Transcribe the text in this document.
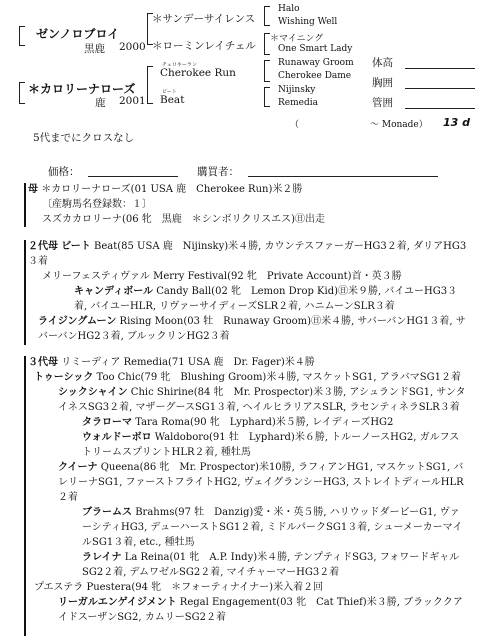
ゼンノロブロイ
黒鹿 2000
＊カロリーナローズ
鹿 2001
＊サンデーサイレンス
＊ローミンレイチェル
チェロキーラン
Cherokee Run
ビート
Beat
Halo
Wishing Well
＊マイニング
One Smart Lady
Runaway Groom
Cherokee Dame
Nijinsky
Remedia
体高
胸囲
管囲
（	～ Monade） 13 d
5代までにクロスなし
価格：	購買者：
母 ＊カロリーナローズ(01 USA 鹿　Cherokee Run)米２勝
〔産駒馬名登録数：１〕
スズカカロリーナ(06 牝　黒鹿　＊シンボリクリスエス)㊐出走
２代母 ビート Beat(85 USA 鹿　Nijinsky)米４勝, カウンテスファーガーHG3２着, ダリアHG3３着
メリーフェスティヴァル Merry Festival(92 牝　Private Account)首・英３勝
キャンディボール Candy Ball(02 牝　Lemon Drop Kid)㊐米９勝, バイユーHG3３着, バイユーHLR, リヴァーサイディーズSLR２着, ハニムーンSLR３着
ライジングムーン Rising Moon(03 牡　Runaway Groom)㊐米４勝, サバーバンHG1３着, サバーバンHG2３着, ブルックリンHG2３着
３代母 リミーディア Remedia(71 USA 鹿　Dr. Fager)米４勝
トゥーシック Too Chic(79 牝　Blushing Groom)米４勝, マスケットSG1, アラバマSG1２着
シックシャイン Chic Shirine(84 牝　Mr. Prospector)米３勝, アシュランドSG1, サンタイネスSG3２着, マザーグースSG1３着, ヘイルヒラリアスSLR, ラセンティネラSLR３着
タラローマ Tara Roma(90 牝　Lyphard)米５勝, レイディーズHG2
ウォルドーボロ Waldoboro(91 牡　Lyphard)米６勝, トルーノースHG2, ガルフストリームスプリントHLR２着, 種牡馬
クイーナ Queena(86 牝　Mr. Prospector)米10勝, ラフィアンHG1, マスケットSG1, バレリーナSG1, ファーストフライトHG2, ヴェイグランシーHG3, ストレイトディールHLR２着
ブラームス Brahms(97 牡　Danzig)愛・米・英５勝, ハリウッドダービーG1, ヴァーシティHG3, デューハーストSG1２着, ミドルパークSG1３着, シューメーカーマイルSG1３着, etc., 種牡馬
ラレイナ La Reina(01 牝　A.P. Indy)米４勝, テンプティドSG3, フォワードギャルSG2２着, デムワゼルSG2２着, マイチャーマーHG3２着
プエステラ Puestera(94 牝　＊フォーティナイナー)米入着２回
リーガルエンゲイジメント Regal Engagement(03 牝　Cat Thief)米３勝, ブラッククアイドスーザンSG2, カムリーSG2２着
